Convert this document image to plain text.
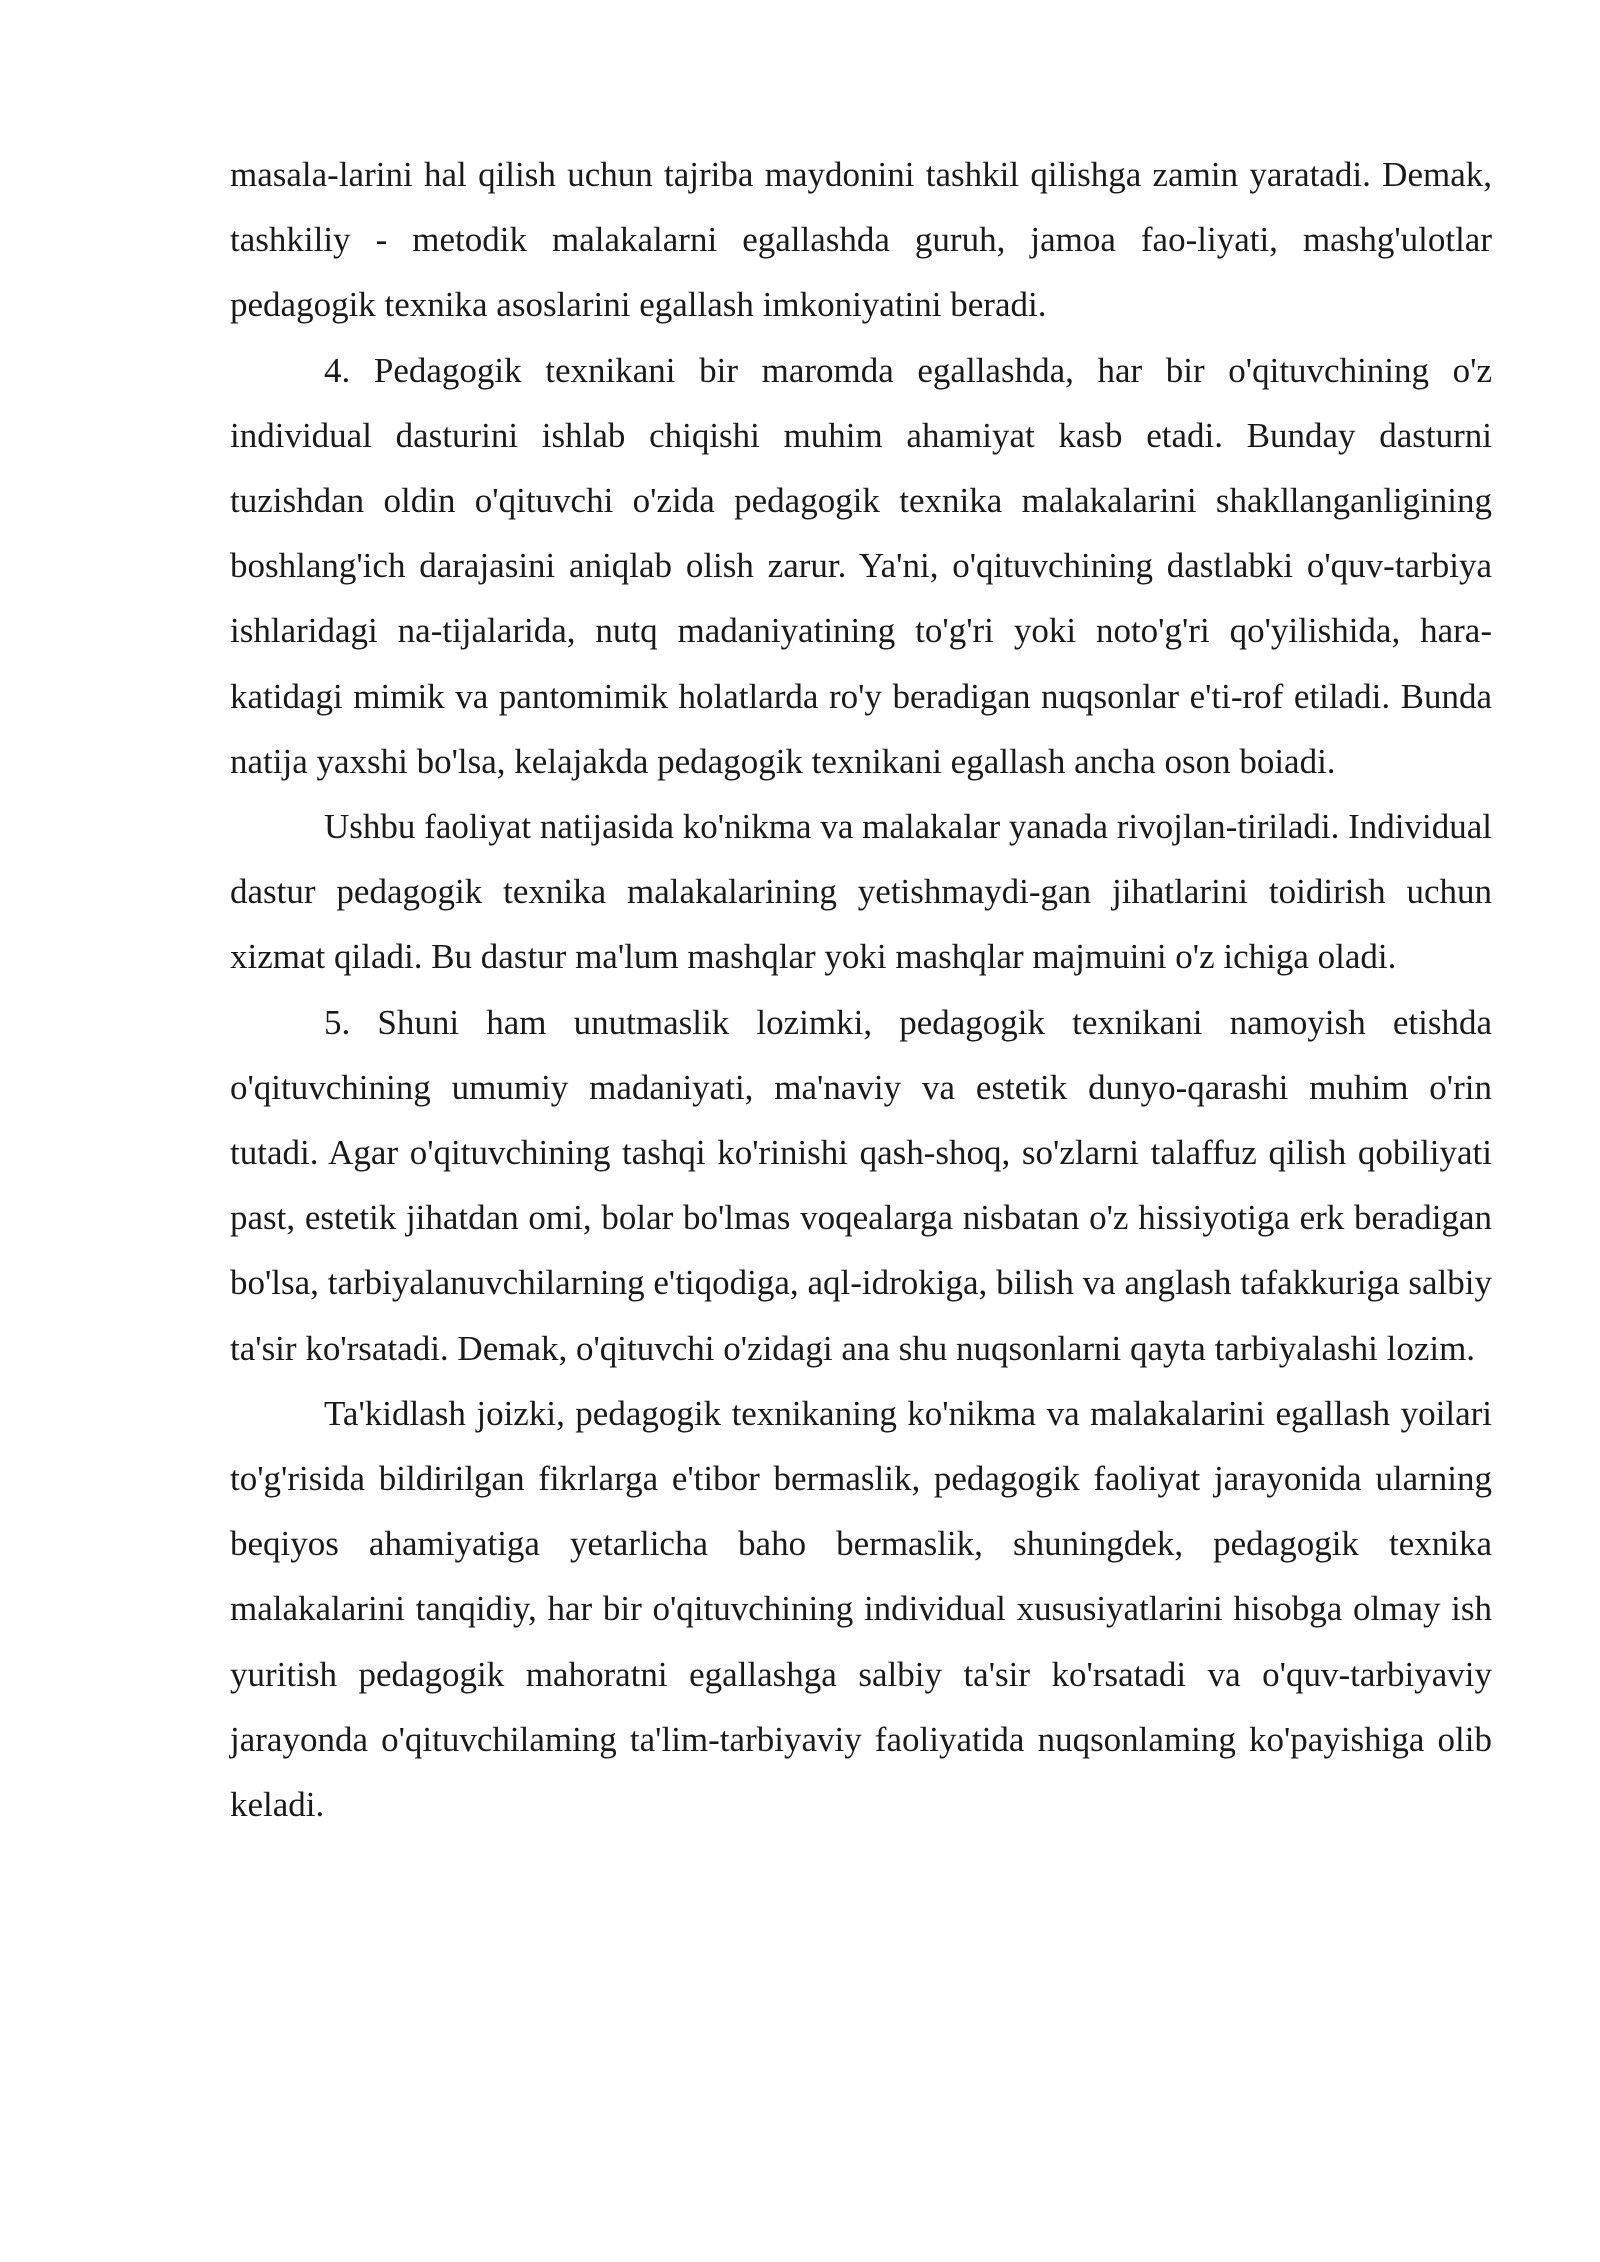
masala-larini hal qilish uchun tajriba maydonini tashkil qilishga zamin yaratadi. Demak, tashkiliy - metodik malakalarni egallashda guruh, jamoa fao-liyati, mashg'ulotlar pedagogik texnika asoslarini egallash imkoniyatini beradi.

4. Pedagogik texnikani bir maromda egallashda, har bir o'qituvchining o'z individual dasturini ishlab chiqishi muhim ahamiyat kasb etadi. Bunday dasturni tuzishdan oldin o'qituvchi o'zida pedagogik texnika malakalarini shakllanganligining boshlang'ich darajasini aniqlab olish zarur. Ya'ni, o'qituvchining dastlabki o'quv-tarbiya ishlaridagi na-tijalarida, nutq madaniyatining to'g'ri yoki noto'g'ri qo'yilishida, hara-katidagi mimik va pantomimik holatlarda ro'y beradigan nuqsonlar e'ti-rof etiladi. Bunda natija yaxshi bo'lsa, kelajakda pedagogik texnikani egallash ancha oson boiadi.

Ushbu faoliyat natijasida ko'nikma va malakalar yanada rivojlan-tiriladi. Individual dastur pedagogik texnika malakalarining yetishmaydi-gan jihatlarini toidirish uchun xizmat qiladi. Bu dastur ma'lum mashqlar yoki mashqlar majmuini o'z ichiga oladi.

5. Shuni ham unutmaslik lozimki, pedagogik texnikani namoyish etishda o'qituvchining umumiy madaniyati, ma'naviy va estetik dunyo-qarashi muhim o'rin tutadi. Agar o'qituvchining tashqi ko'rinishi qash-shoq, so'zlarni talaffuz qilish qobiliyati past, estetik jihatdan omi, bolar bo'lmas voqealarga nisbatan o'z hissiyotiga erk beradigan bo'lsa, tarbiyalanuvchilarning e'tiqodiga, aql-idrokiga, bilish va anglash tafakkuriga salbiy ta'sir ko'rsatadi. Demak, o'qituvchi o'zidagi ana shu nuqsonlarni qayta tarbiyalashi lozim.

Ta'kidlash joizki, pedagogik texnikaning ko'nikma va malakalarini egallash yoilari to'g'risida bildirilgan fikrlarga e'tibor bermaslik, pedagogik faoliyat jarayonida ularning beqiyos ahamiyatiga yetarlicha baho bermaslik, shuningdek, pedagogik texnika malakalarini tanqidiy, har bir o'qituvchining individual xususiyatlarini hisobga olmay ish yuritish pedagogik mahoratni egallashga salbiy ta'sir ko'rsatadi va o'quv-tarbiyaviy jarayonda o'qituvchilaming ta'lim-tarbiyaviy faoliyatida nuqsonlaming ko'payishiga olib keladi.
